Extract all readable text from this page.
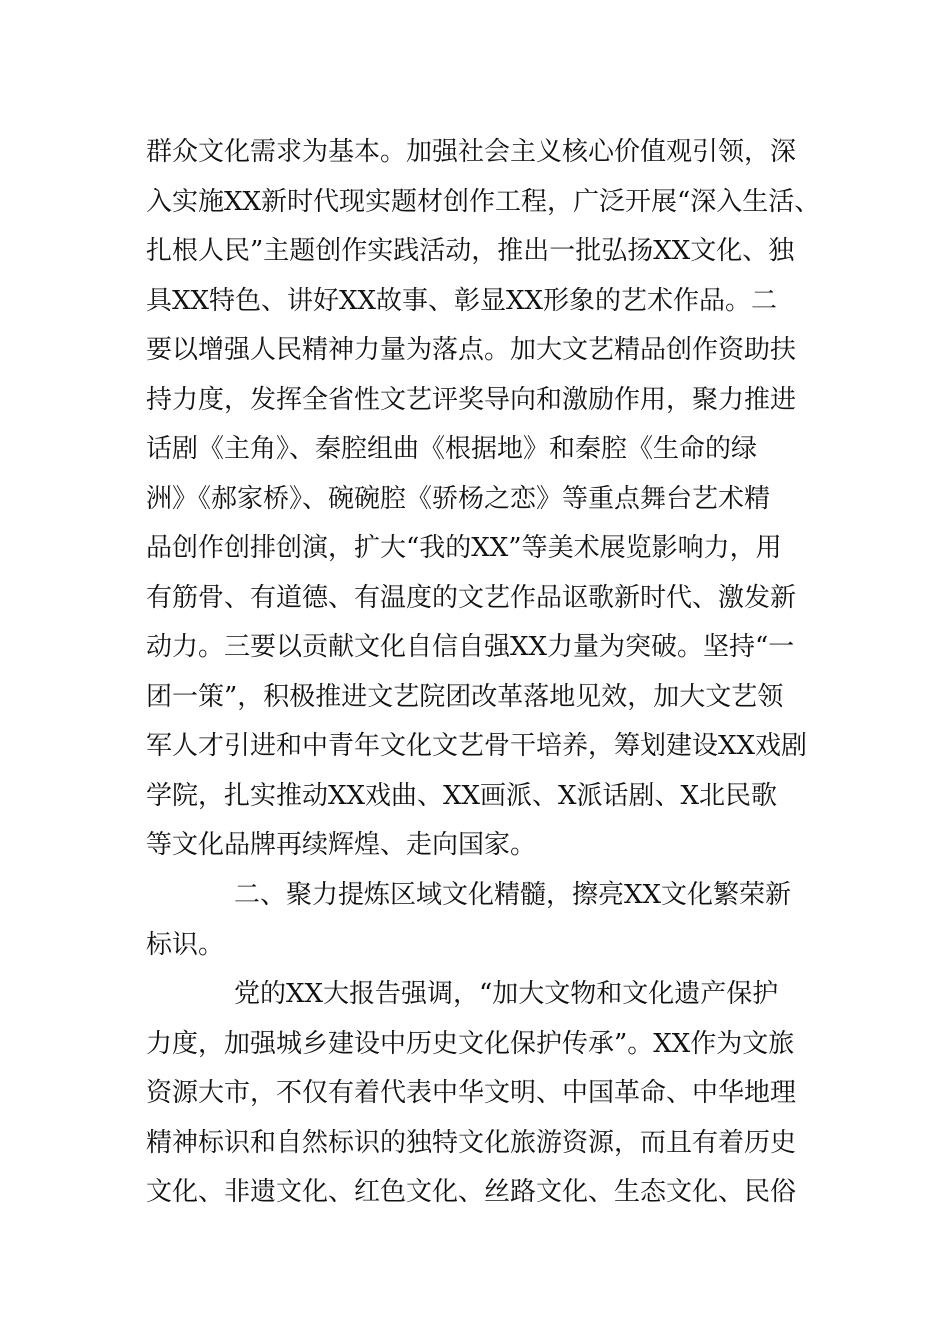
群众文化需求为基本。加强社会主义核心价值观引领，深
入实施XX新时代现实题材创作工程，广泛开展“深入生活、
扎根人民”主题创作实践活动，推出一批弘扬XX文化、独
具XX特色、讲好XX故事、彰显XX形象的艺术作品。二
要以增强人民精神力量为落点。加大文艺精品创作资助扶
持力度，发挥全省性文艺评奖导向和激励作用，聚力推进
话剧《主角》、秦腔组曲《根据地》和秦腔《生命的绿
洲》《郝家桥》、碗碗腔《骄杨之恋》等重点舞台艺术精
品创作创排创演，扩大“我的XX”等美术展览影响力，用
有筋骨、有道德、有温度的文艺作品讴歌新时代、激发新
动力。三要以贡献文化自信自强XX力量为突破。坚持“一
团一策”，积极推进文艺院团改革落地见效，加大文艺领
军人才引进和中青年文化文艺骨干培养，筹划建设XX戏剧
学院，扎实推动XX戏曲、XX画派、X派话剧、X北民歌
等文化品牌再续辉煌、走向国家。
二、聚力提炼区域文化精髓，擦亮XX文化繁荣新
标识。
党的XX大报告强调，“加大文物和文化遗产保护
力度，加强城乡建设中历史文化保护传承”。XX作为文旅
资源大市，不仅有着代表中华文明、中国革命、中华地理
精神标识和自然标识的独特文化旅游资源，而且有着历史
文化、非遗文化、红色文化、丝路文化、生态文化、民俗
